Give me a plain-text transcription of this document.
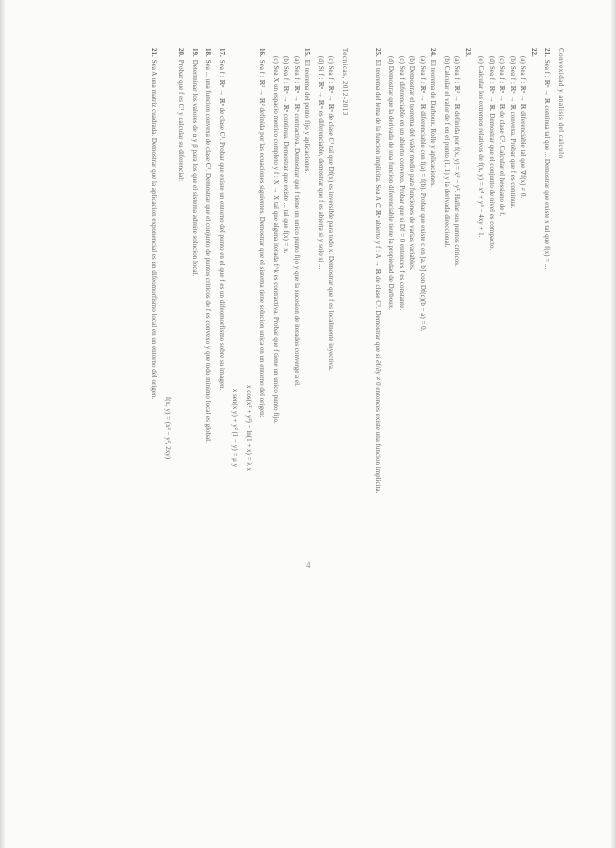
Tecnicas, 2012-2013

(c) Sea f : ℝⁿ → ℝⁿ de clase C¹ tal que Df(x) es inversible para todo x. Demostrar que f es localmente inyectiva.
(d) Si f : ℝⁿ → ℝᵐ es diferenciable, demostrar que f es abierta si y solo si ...

15.El teorema del punto fijo y aplicaciones.
(a) Sea f : ℝⁿ → ℝⁿ contractiva. Demostrar que f tiene un unico punto fijo y que la sucesion de iterados converge a el.
(b) Sea f : ℝⁿ → ℝⁿ continua. Demostrar que existe ... tal que f(x) = x.
(c) Sea X un espacio metrico completo y f : X → X tal que alguna iterada f^k es contractiva. Probar que f tiene un unico punto fijo.

16.Sea f : ℝ² → ℝ² definida por las ecuaciones siguientes. Demostrar que el sistema tiene solucion unica en un entorno del origen:
x cos(x² + y²) − ln(1 + x) = λ x
x sen(x y) + y² (1 − y) = μ y

17.Sea f : ℝⁿ → ℝⁿ de clase C¹. Probar que existe un entorno del punto en el que f es un difeomorfismo sobre su imagen.

18.Sea ... una funcion convexa de clase C². Demostrar que el conjunto de puntos criticos de f es convexo y que todo minimo local es global.

19.Determinar los valores de α y β para los que el sistema admite solucion local.

20.Probar que f es C¹ y calcular su diferencial:
f(x, y) = (x² − y², 2xy)

21.Sea A una matriz cuadrada. Demostrar que la aplicacion exponencial es un difeomorfismo local en un entorno del origen.	Convexidad y analisis del calculo

21.Sea f : ℝⁿ → ℝ continua tal que ... Demostrar que existe x tal que f(x) = ...

22.
(a) Sea f : ℝⁿ → ℝ diferenciable tal que ∇f(x) ≠ 0.
(b) Sea f : ℝⁿ → ℝ convexa. Probar que f es continua.
(c) Sea f : ℝⁿ → ℝ de clase C². Calcular el hessiano de f.
(d) Sea f : ℝⁿ → ℝ. Demostrar que el conjunto de nivel es compacto.
(e) Calcular los extremos relativos de f(x, y) = x⁴ + y⁴ − 4xy + 1.

23.
(a) Sea f : ℝ² → ℝ definida por f(x, y) = x² − y². Hallar sus puntos criticos.
(b) Calcular el valor de f en el punto (1, 1) y la derivada direccional.

24.El teorema de Darboux. Rolle y aplicaciones.
(a) Sea f : ℝⁿ → ℝ diferenciable con f(a) = f(b). Probar que existe c en [a, b] con Df(c)(b − a) = 0.
(b) Demostrar el teorema del valor medio para funciones de varias variables.
(c) Sea f diferenciable en un abierto convexo. Probar que si Df = 0 entonces f es constante.
(d) Demostrar que la derivada de una funcion diferenciable tiene la propiedad de Darboux.

25.El teorema del lema de la funcion implicita. Sea A ⊂ ℝⁿ abierto y f : A → ℝ de clase C¹. Demostrar que si ∂f/∂y ≠ 0 entonces existe una funcion implicita.

4
